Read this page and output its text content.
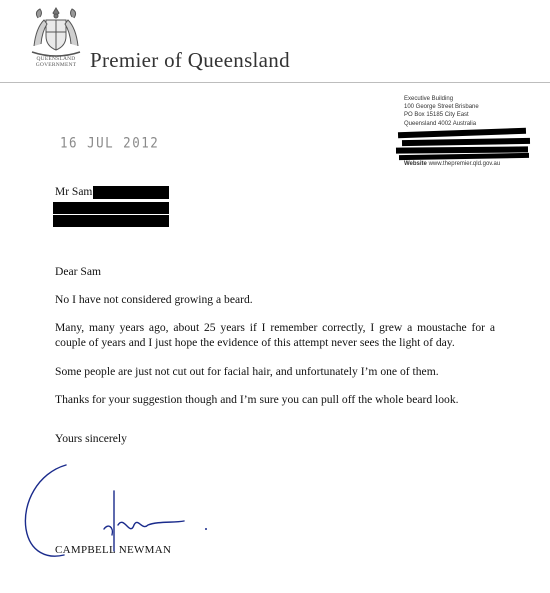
QUEENSLAND
GOVERNMENT Premier of Queensland
Executive Building
100 George Street Brisbane
PO Box 15185 City East
Queensland 4002 Australia
Website www.thepremier.qld.gov.au
16 JUL 2012
Mr Sam

Dear Sam

No I have not considered growing a beard.

Many, many years ago, about 25 years if I remember correctly, I grew a moustache for a couple of years and I just hope the evidence of this attempt never sees the light of day.

Some people are just not cut out for facial hair, and unfortunately I’m one of them.

Thanks for your suggestion though and I’m sure you can pull off the whole beard look.

Yours sincerely

CAMPBELL NEWMAN
